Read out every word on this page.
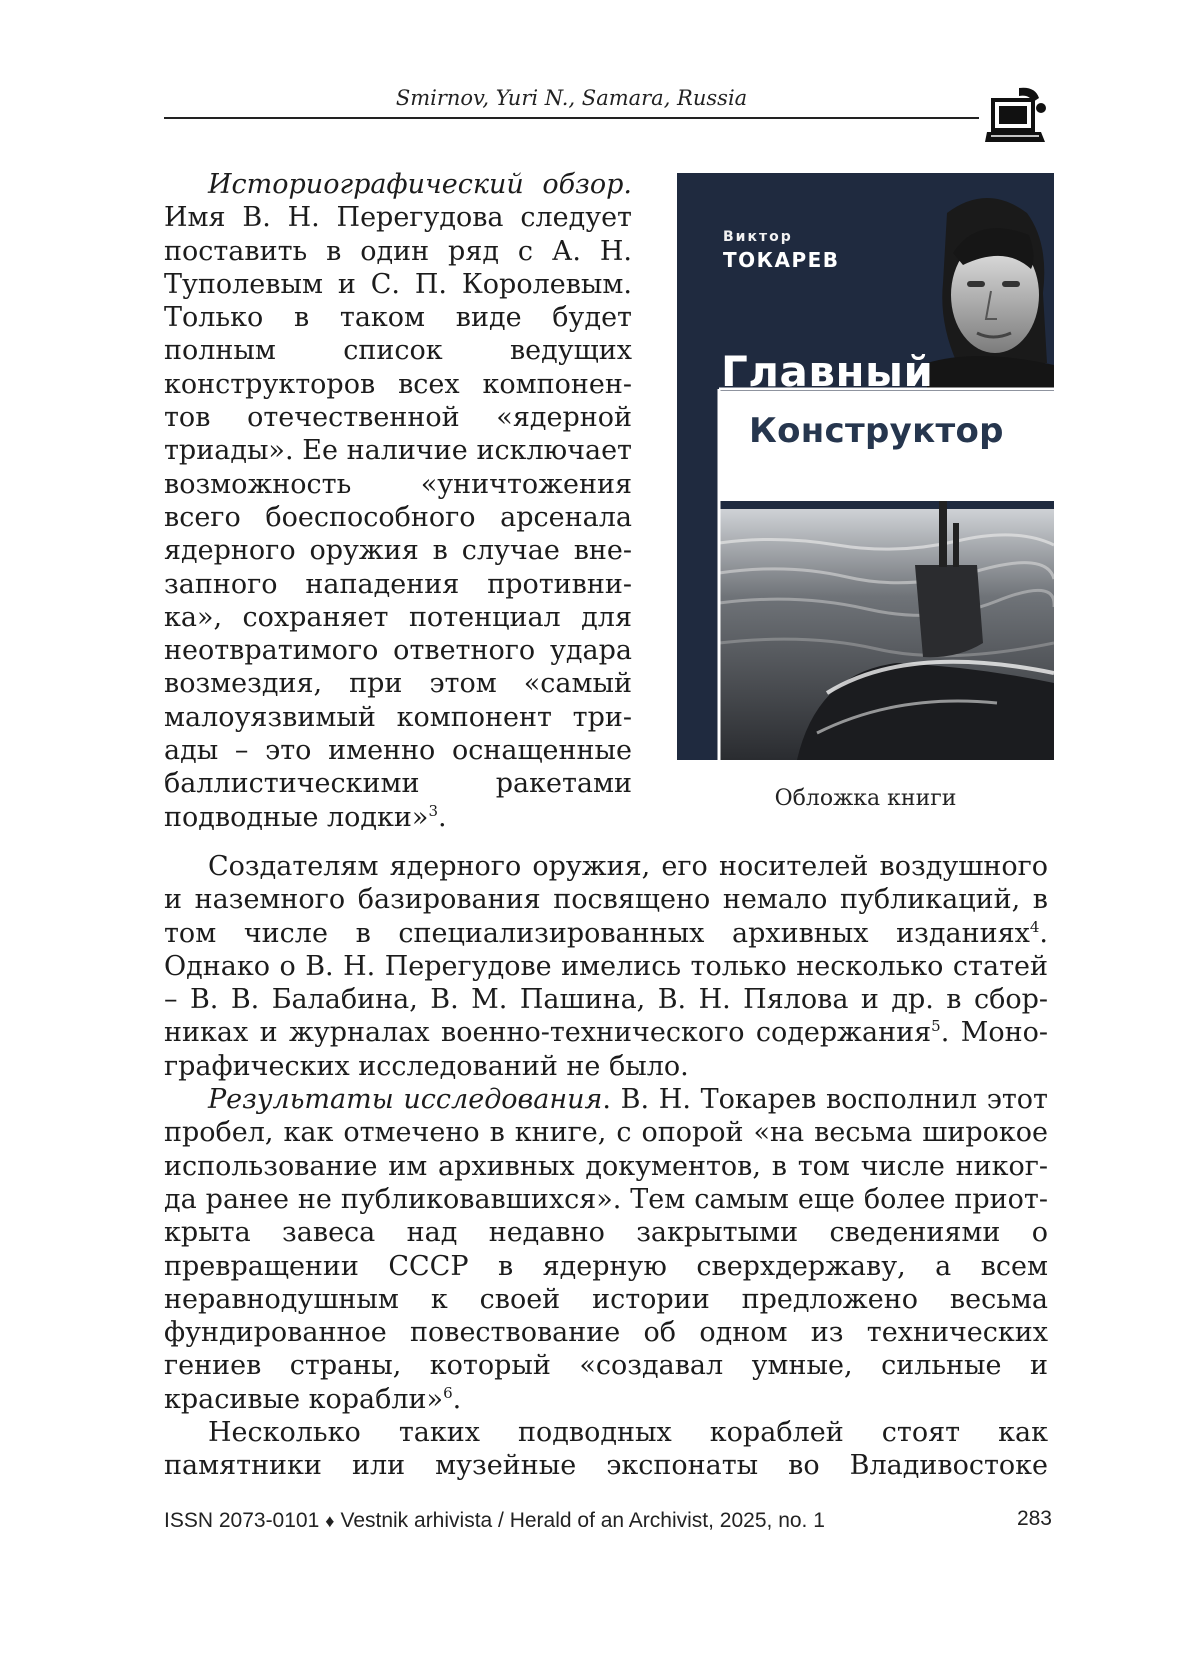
Smirnov, Yuri N., Samara, Russia

Историографический обзор. Имя В. Н. Перегудова следует поставить в один ряд с А. Н. Туполевым и С. П. Королевым. Только в таком виде будет полным список ведущих конструкторов всех компонентов отечественной «ядерной триады». Ее наличие исключает возможность «уничтожения всего боеспособного арсенала ядерного оружия в случае внезапного нападения противника», сохраняет потенциал для неотвратимого ответного удара возмездия, при этом «самый малоуязвимый компонент триады – это именно оснащенные баллистическими ракетами подводные лодки»$^3$.

Виктор
ТОКАРЕВ
Главный
Конструктор
Обложка книги

Создателям ядерного оружия, его носителей воздушного и наземного базирования посвящено немало публикаций, в том числе в специализированных архивных изданиях$^4$. Однако о В. Н. Перегудове имелись только несколько статей – В. В. Балабина, В. М. Пашина, В. Н. Пялова и др. в сборниках и журналах военно-технического содержания$^5$. Монографических исследований не было.

Результаты исследования. В. Н. Токарев восполнил этот пробел, как отмечено в книге, с опорой «на весьма широкое использование им архивных документов, в том числе никогда ранее не публиковавшихся». Тем самым еще более приоткрыта завеса над недавно закрытыми сведениями о превращении СССР в ядерную сверхдержаву, а всем неравнодушным к своей истории предложено весьма фундированное повествование об одном из технических гениев страны, который «создавал умные, сильные и красивые корабли»$^6$.

Несколько таких подводных кораблей стоят как памятники или музейные экспонаты во Владивостоке

ISSN 2073-0101 ♦ Vestnik arhivista / Herald of an Archivist, 2025, no. 1	283
